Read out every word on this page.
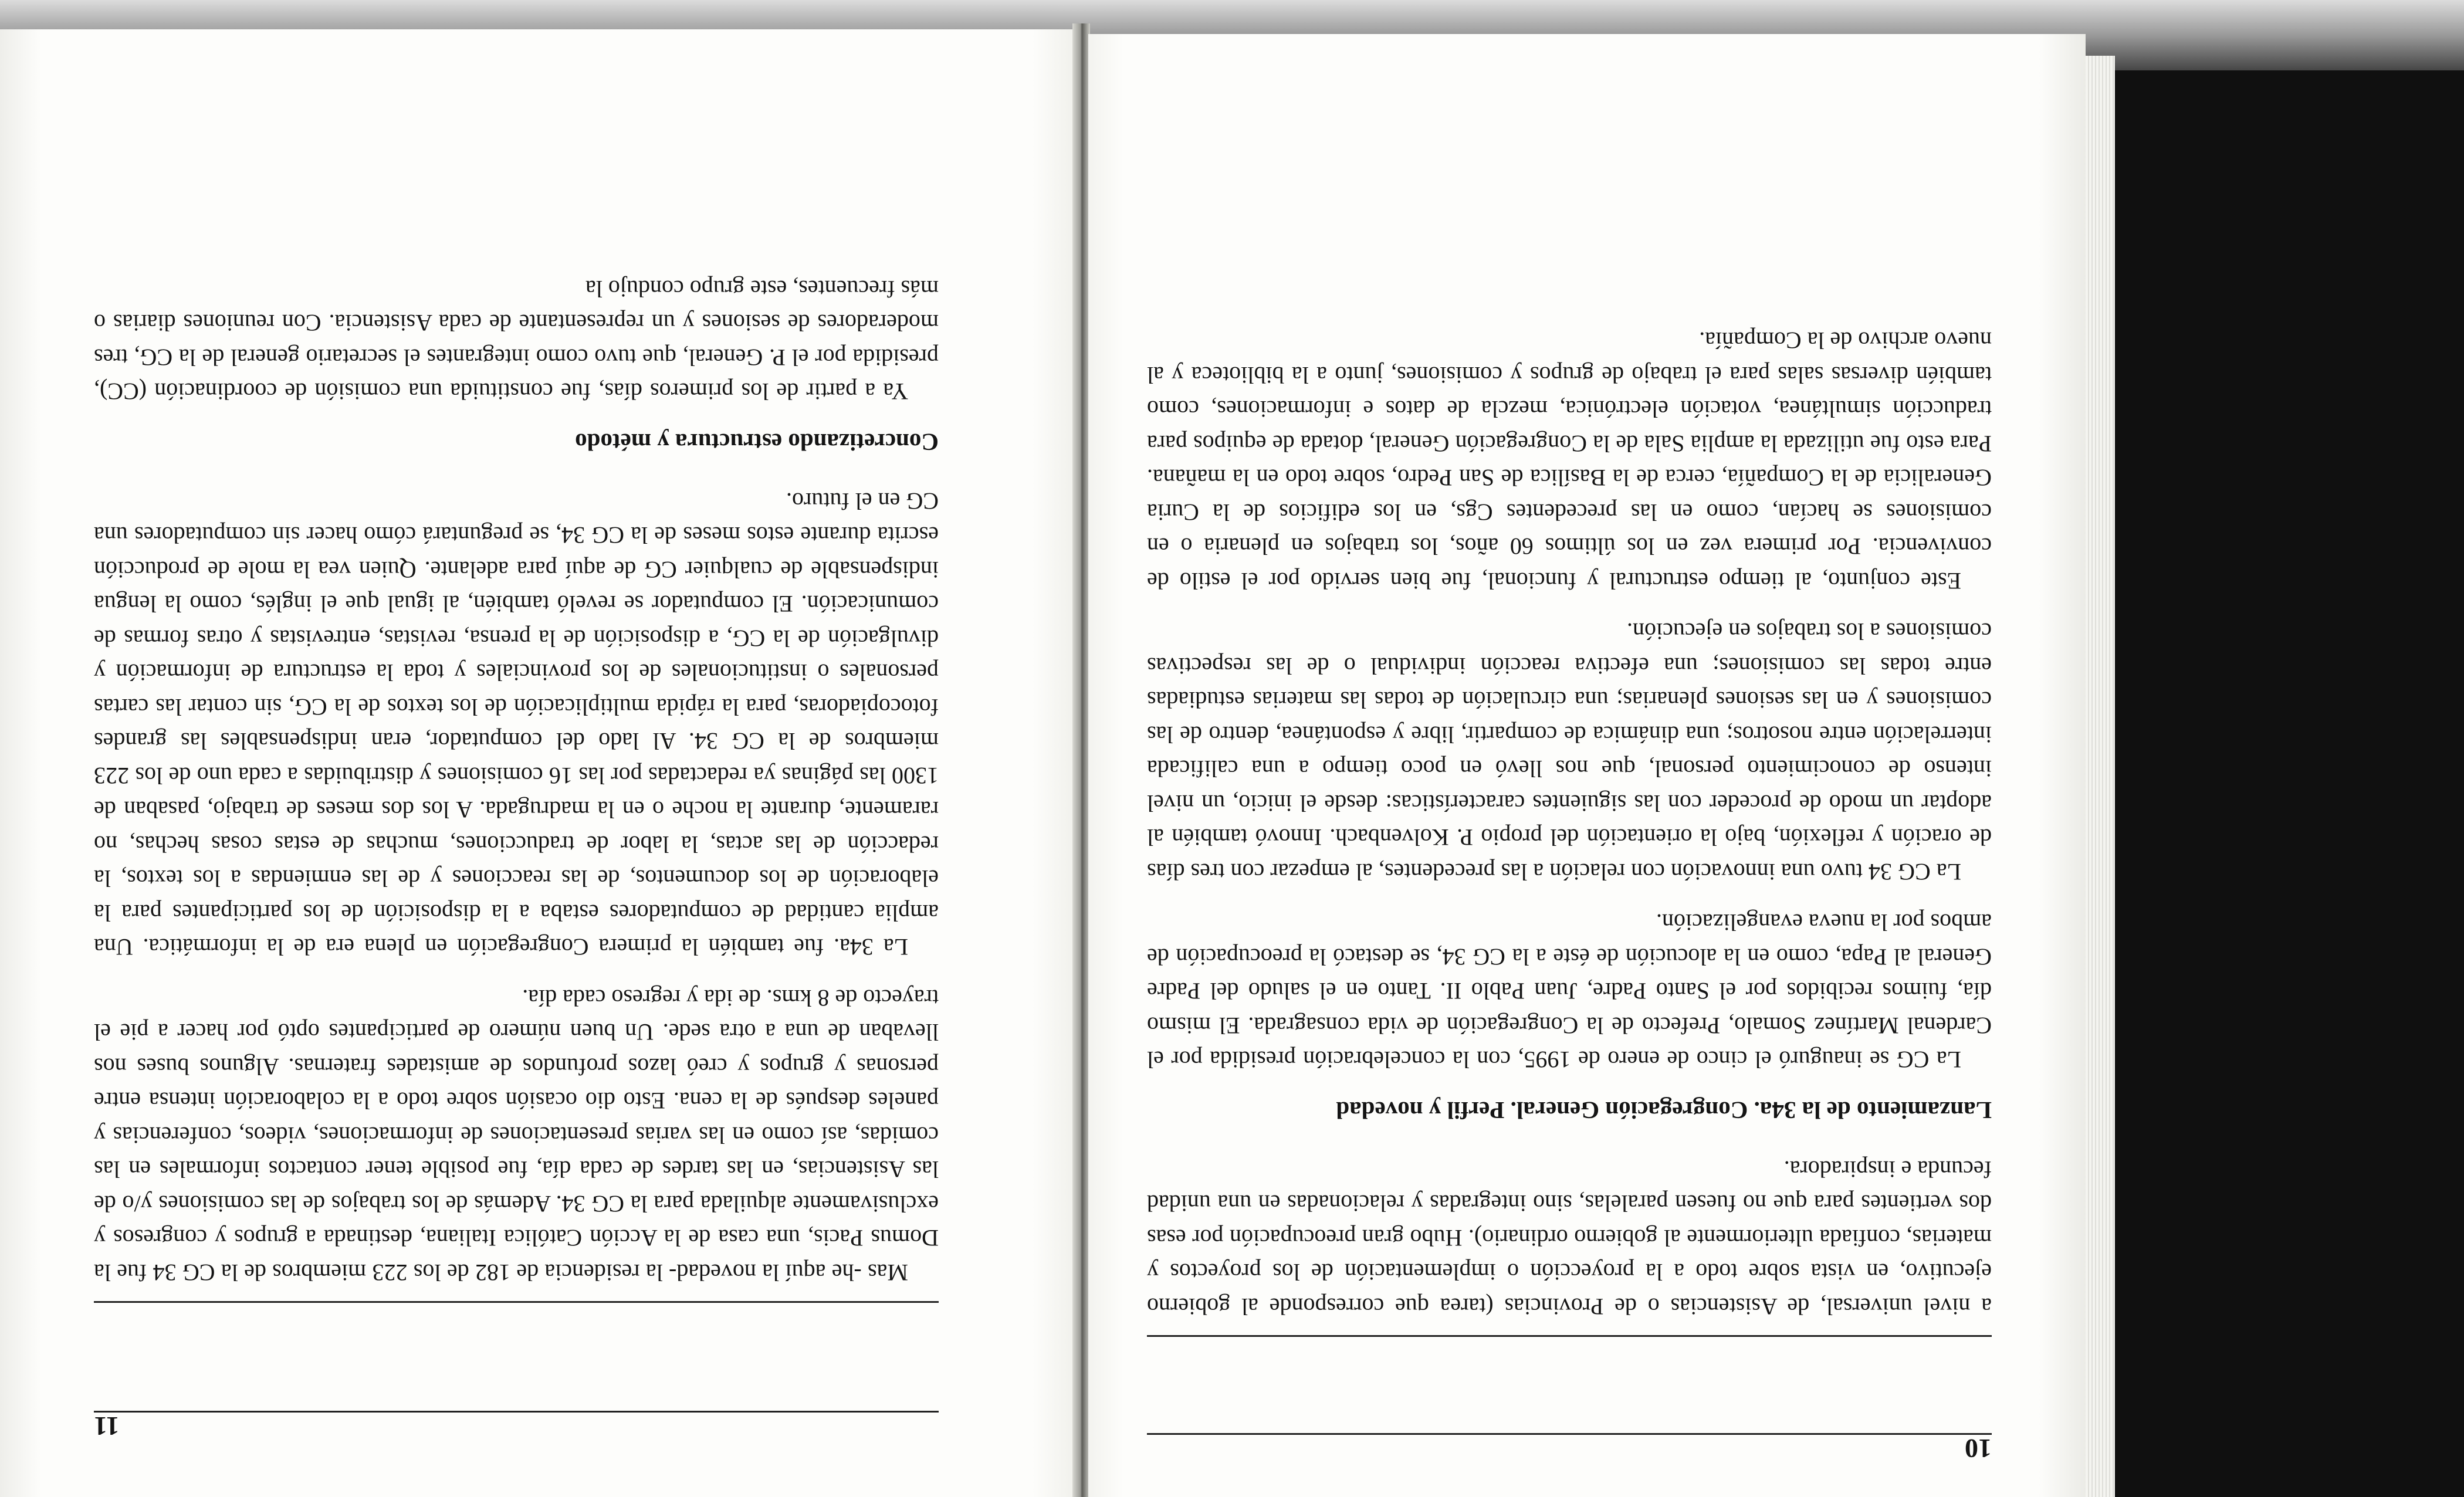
11

Mas -he aquí la novedad- la residencia de 182 de los 223 miembros de la CG 34 fue la Domus Pacis, una casa de la Acción Católica Italiana, destinada a grupos y congresos y exclusivamente alquilada para la CG 34. Además de los trabajos de las comisiones y/o de las Asistencias, en las tardes de cada día, fue posible tener contactos informales en las comidas, así como en las varias presentaciones de informaciones, videos, conferencias y paneles después de la cena. Esto dio ocasión sobre todo a la colaboración intensa entre personas y grupos y creó lazos profundos de amistades fraternas. Algunos buses nos llevaban de una a otra sede. Un buen número de participantes optó por hacer a pie el trayecto de 8 kms. de ida y regreso cada día.

La 34a. fue también la primera Congregación en plena era de la informática. Una amplia cantidad de computadores estaba a la disposición de los participantes para la elaboración de los documentos, de las reacciones y de las enmiendas a los textos, la redacción de las actas, la labor de traducciones, muchas de estas cosas hechas, no raramente, durante la noche o en la madrugada. A los dos meses de trabajo, pasaban de 1300 las páginas ya redactadas por las 16 comisiones y distribuidas a cada uno de los 223 miembros de la CG 34. Al lado del computador, eran indispensables las grandes fotocopiadoras, para la rápida multiplicación de los textos de la CG, sin contar las cartas personales o institucionales de los provinciales y toda la estructura de información y divulgación de la CG, a disposición de la prensa, revistas, entrevistas y otras formas de comunicación. El computador se reveló también, al igual que el inglés, como la lengua indispensable de cualquier CG de aquí para adelante. Quien vea la mole de producción escrita durante estos meses de la CG 34, se preguntará cómo hacer sin computadores una CG en el futuro.

Concretizando estructura y método

Ya a partir de los primeros días, fue constituida una comisión de coordinación (CC), presidida por el P. General, que tuvo como integrantes el secretario general de la CG, tres moderadores de sesiones y un representante de cada Asistencia. Con reuniones diarias o más frecuentes, este grupo condujo la

10

a nivel universal, de Asistencias o de Provincias (tarea que corresponde al gobierno ejecutivo, en vista sobre todo a la proyección o implementación de los proyectos y materias, confiada ulteriormente al gobierno ordinario). Hubo gran preocupación por esas dos vertientes para que no fuesen paralelas, sino integradas y relacionadas en una unidad fecunda e inspiradora.

Lanzamiento de la 34a. Congregación General. Perfil y novedad

La CG se inauguró el cinco de enero de 1995, con la concelebración presidida por el Cardenal Martínez Somalo, Prefecto de la Congregación de vida consagrada. El mismo día, fuimos recibidos por el Santo Padre, Juan Pablo II. Tanto en el saludo del Padre General al Papa, como en la alocución de éste a la CG 34, se destacó la preocupación de ambos por la nueva evangelización.

La CG 34 tuvo una innovación con relación a las precedentes, al empezar con tres días de oración y reflexión, bajo la orientación del propio P. Kolvenbach. Innovó también al adoptar un modo de proceder con las siguientes características: desde el inicio, un nivel intenso de conocimiento personal, que nos llevó en poco tiempo a una calificada interrelación entre nosotros; una dinámica de compartir, libre y espontánea, dentro de las comisiones y en las sesiones plenarias; una circulación de todas las materias estudiadas entre todas las comisiones; una efectiva reacción individual o de las respectivas comisiones a los trabajos en ejecución.

Este conjunto, al tiempo estructural y funcional, fue bien servido por el estilo de convivencia. Por primera vez en los últimos 60 años, los trabajos en plenaria o en comisiones se hacían, como en las precedentes Cgs, en los edificios de la Curia Generalicia de la Compañía, cerca de la Basílica de San Pedro, sobre todo en la mañana. Para esto fue utilizada la amplia Sala de la Congregación General, dotada de equipos para traducción simultánea, votación electrónica, mezcla de datos e informaciones, como también diversas salas para el trabajo de grupos y comisiones, junto a la biblioteca y al nuevo archivo de la Compañía.
